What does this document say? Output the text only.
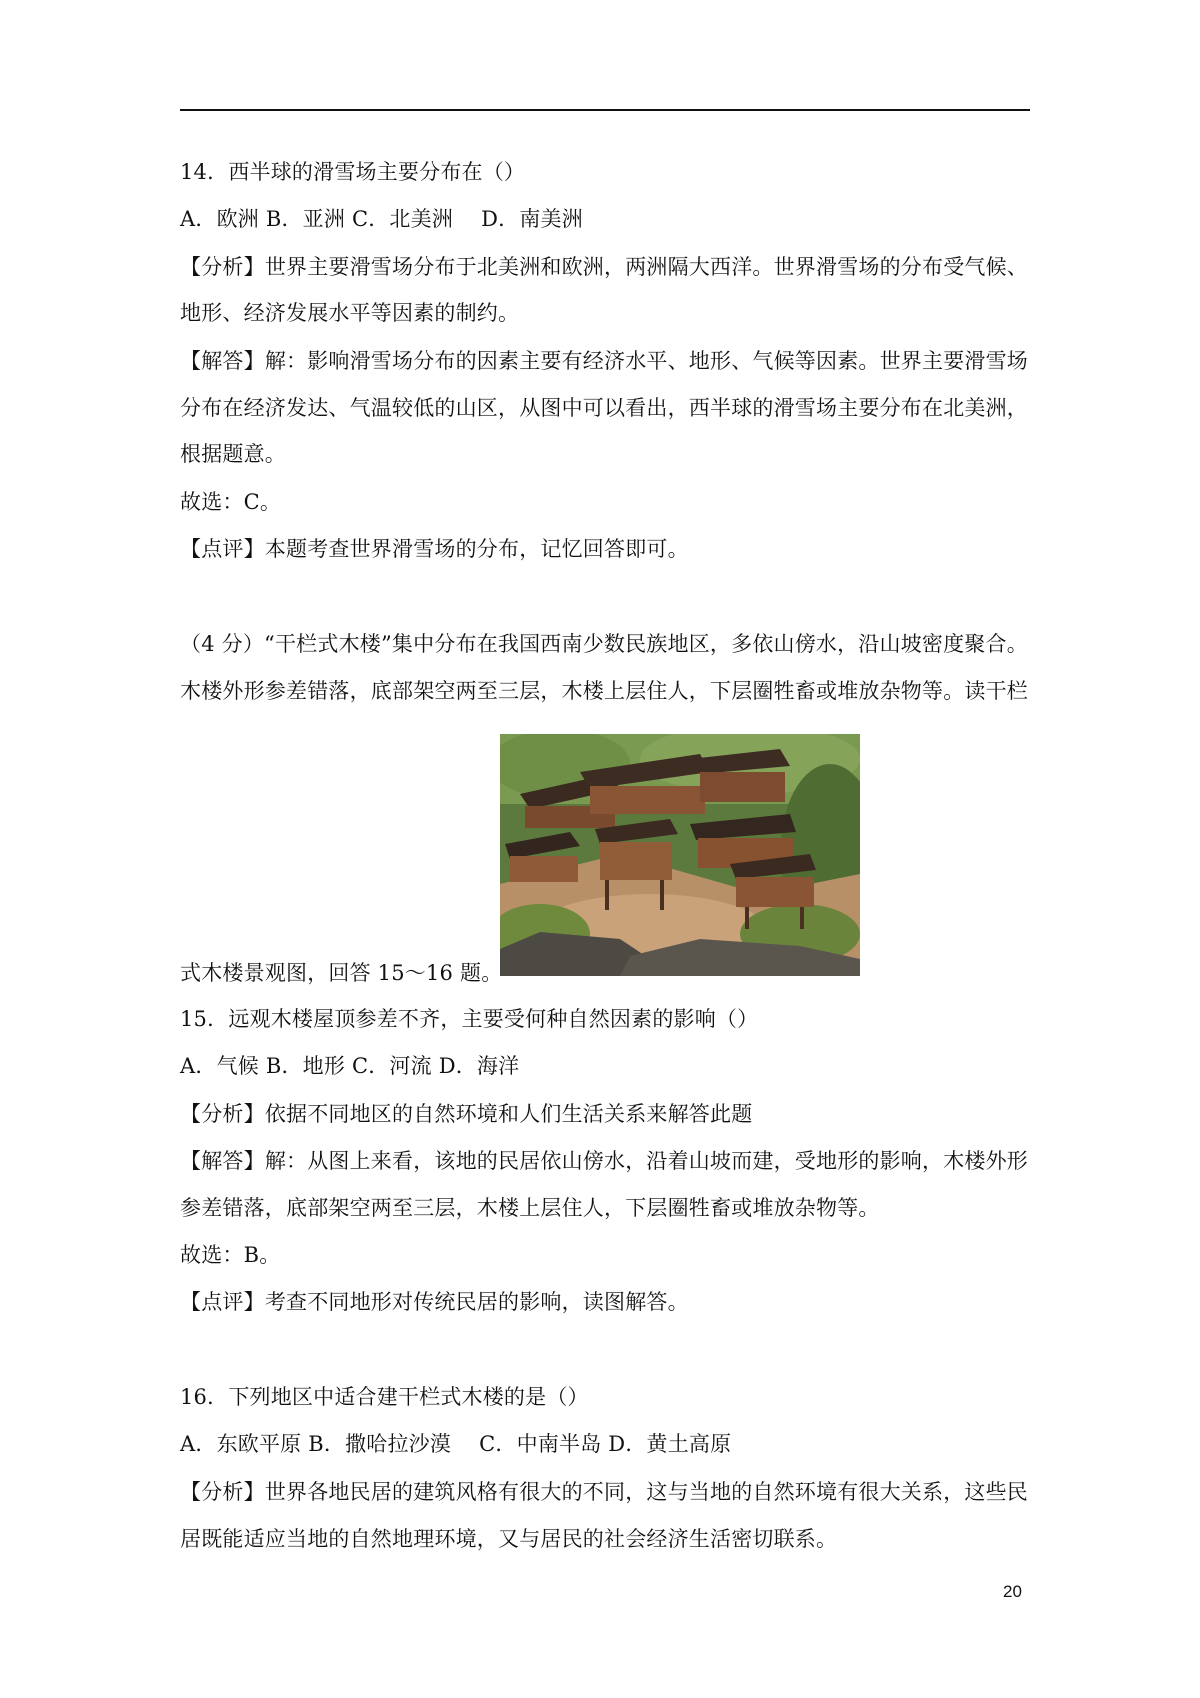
14．西半球的滑雪场主要分布在（）
A．欧洲 B．亚洲 C．北美洲　 D．南美洲
【分析】世界主要滑雪场分布于北美洲和欧洲，两洲隔大西洋。世界滑雪场的分布受气候、
地形、经济发展水平等因素的制约。
【解答】解：影响滑雪场分布的因素主要有经济水平、地形、气候等因素。世界主要滑雪场
分布在经济发达、气温较低的山区，从图中可以看出，西半球的滑雪场主要分布在北美洲，
根据题意。
故选：C。
【点评】本题考查世界滑雪场的分布，记忆回答即可。
（4 分）“干栏式木楼”集中分布在我国西南少数民族地区，多依山傍水，沿山坡密度聚合。
木楼外形参差错落，底部架空两至三层，木楼上层住人，下层圈牲畜或堆放杂物等。读干栏
式木楼景观图，回答 15～16 题。
15．远观木楼屋顶参差不齐，主要受何种自然因素的影响（）
A．气候 B．地形 C．河流 D．海洋
【分析】依据不同地区的自然环境和人们生活关系来解答此题
【解答】解：从图上来看，该地的民居依山傍水，沿着山坡而建，受地形的影响，木楼外形
参差错落，底部架空两至三层，木楼上层住人，下层圈牲畜或堆放杂物等。
故选：B。
【点评】考查不同地形对传统民居的影响，读图解答。
16．下列地区中适合建干栏式木楼的是（）
A．东欧平原 B．撒哈拉沙漠　 C．中南半岛 D．黄土高原
【分析】世界各地民居的建筑风格有很大的不同，这与当地的自然环境有很大关系，这些民
居既能适应当地的自然地理环境，又与居民的社会经济生活密切联系。
20
